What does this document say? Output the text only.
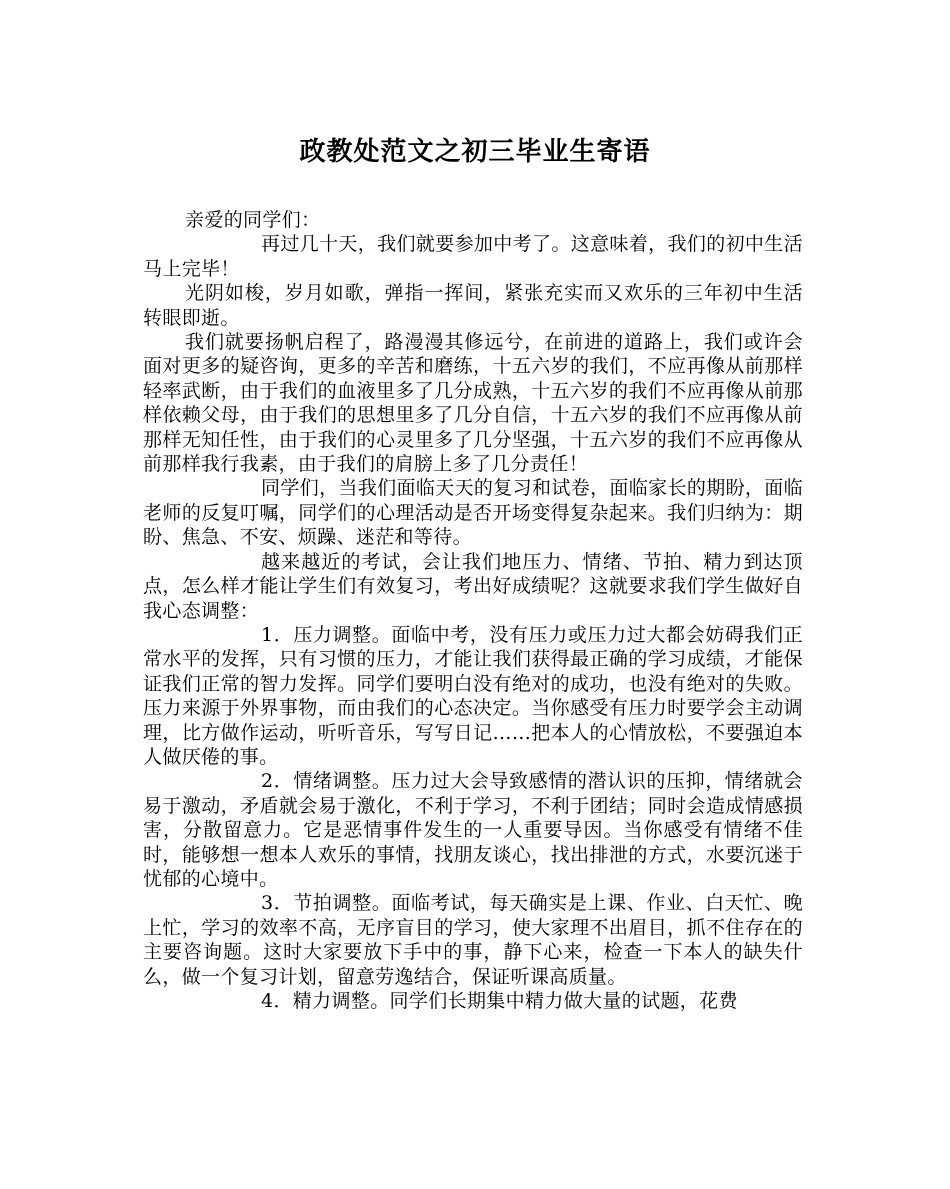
政教处范文之初三毕业生寄语

亲爱的同学们：

再过几十天，我们就要参加中考了。这意味着，我们的初中生活马上完毕！

光阴如梭，岁月如歌，弹指一挥间，紧张充实而又欢乐的三年初中生活转眼即逝。

我们就要扬帆启程了，路漫漫其修远兮，在前进的道路上，我们或许会面对更多的疑咨询，更多的辛苦和磨练，十五六岁的我们，不应再像从前那样轻率武断，由于我们的血液里多了几分成熟，十五六岁的我们不应再像从前那样依赖父母，由于我们的思想里多了几分自信，十五六岁的我们不应再像从前那样无知任性，由于我们的心灵里多了几分坚强，十五六岁的我们不应再像从前那样我行我素，由于我们的肩膀上多了几分责任！

同学们，当我们面临天天的复习和试卷，面临家长的期盼，面临老师的反复叮嘱，同学们的心理活动是否开场变得复杂起来。我们归纳为：期盼、焦急、不安、烦躁、迷茫和等待。

越来越近的考试，会让我们地压力、情绪、节拍、精力到达顶点，怎么样才能让学生们有效复习，考出好成绩呢？这就要求我们学生做好自我心态调整：

1．压力调整。面临中考，没有压力或压力过大都会妨碍我们正常水平的发挥，只有习惯的压力，才能让我们获得最正确的学习成绩，才能保证我们正常的智力发挥。同学们要明白没有绝对的成功，也没有绝对的失败。压力来源于外界事物，而由我们的心态决定。当你感受有压力时要学会主动调理，比方做作运动，听听音乐，写写日记……把本人的心情放松，不要强迫本人做厌倦的事。

2．情绪调整。压力过大会导致感情的潜认识的压抑，情绪就会易于激动，矛盾就会易于激化，不利于学习，不利于团结；同时会造成情感损害，分散留意力。它是恶情事件发生的一人重要导因。当你感受有情绪不佳时，能够想一想本人欢乐的事情，找朋友谈心，找出排泄的方式，水要沉迷于忧郁的心境中。

3．节拍调整。面临考试，每天确实是上课、作业、白天忙、晚上忙，学习的效率不高，无序盲目的学习，使大家理不出眉目，抓不住存在的主要咨询题。这时大家要放下手中的事，静下心来，检查一下本人的缺失什么，做一个复习计划，留意劳逸结合，保证听课高质量。

4．精力调整。同学们长期集中精力做大量的试题，花费
